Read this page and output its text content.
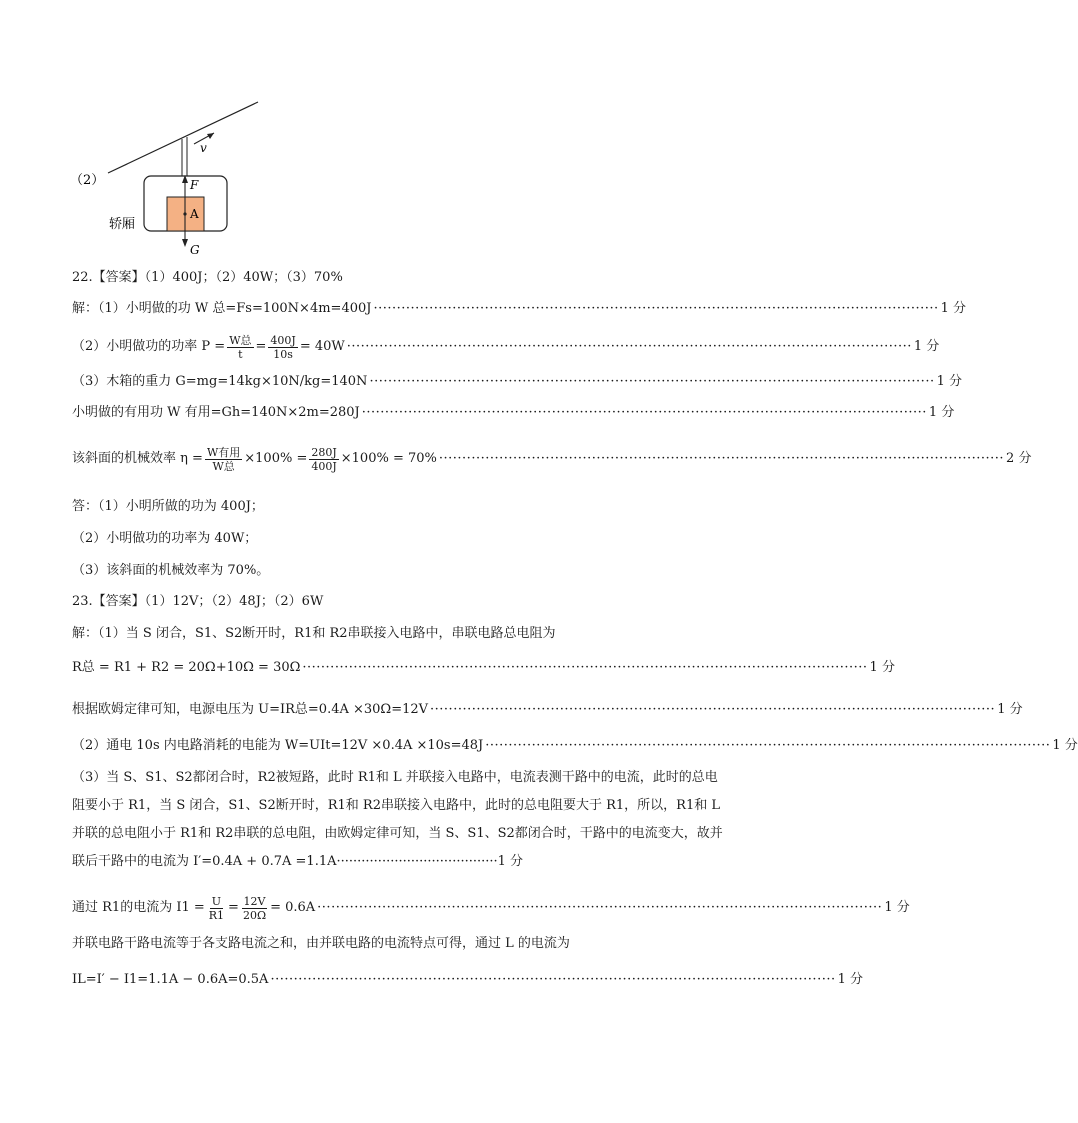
v
A
F
G
（2）
轿厢
22.【答案】（1）400J；（2）40W；（3）70%
解：（1）小明做的功 W 总=Fs=100N×4m=400J ·························································································································· 1 分
（2）小明做功的功率 $P = \frac{\text{W总}}{t} = \frac{400J}{10s} = 40W$ ·························································································································· 1 分
（3）木箱的重力 G=mg=14kg×10N/kg=140N ·························································································································· 1 分
小明做的有用功 W 有用=Gh=140N×2m=280J ·························································································································· 1 分
该斜面的机械效率 $\eta = \frac{\text{W有用}}{\text{W总}} \times 100\% = \frac{280J}{400J} \times 100\% = 70\%$ ·························································································································· 2 分
答：（1）小明所做的功为 400J；
（2）小明做功的功率为 40W；
（3）该斜面的机械效率为 70%。
23.【答案】（1）12V；（2）48J；（2）6W
解：（1）当 S 闭合，S1、S2断开时，R1和 R2串联接入电路中，串联电路总电阻为
R总 = R1 + R2 = 20Ω+10Ω = 30Ω ·························································································································· 1 分
根据欧姆定律可知，电源电压为 U=IR总=0.4A ×30Ω=12V ·························································································································· 1 分
（2）通电 10s 内电路消耗的电能为 W=UIt=12V ×0.4A ×10s=48J ·························································································································· 1 分
（3）当 S、S1、S2都闭合时，R2被短路，此时 R1和 L 并联接入电路中，电流表测干路中的电流，此时的总电阻要小于 R1，当 S 闭合，S1、S2断开时，R1和 R2串联接入电路中，此时的总电阻要大于 R1，所以，R1和 L 并联的总电阻小于 R1和 R2串联的总电阻，由欧姆定律可知，当 S、S1、S2都闭合时，干路中的电流变大，故并联后干路中的电流为 I′=0.4A + 0.7A =1.1A·······································1 分
通过 R1的电流为 $I1 = \frac{U}{R1} = \frac{12V}{20\Omega} = 0.6A$ ·························································································································· 1 分
并联电路干路电流等于各支路电流之和，由并联电路的电流特点可得，通过 L 的电流为
IL=I′ − I1=1.1A − 0.6A=0.5A ·························································································································· 1 分
